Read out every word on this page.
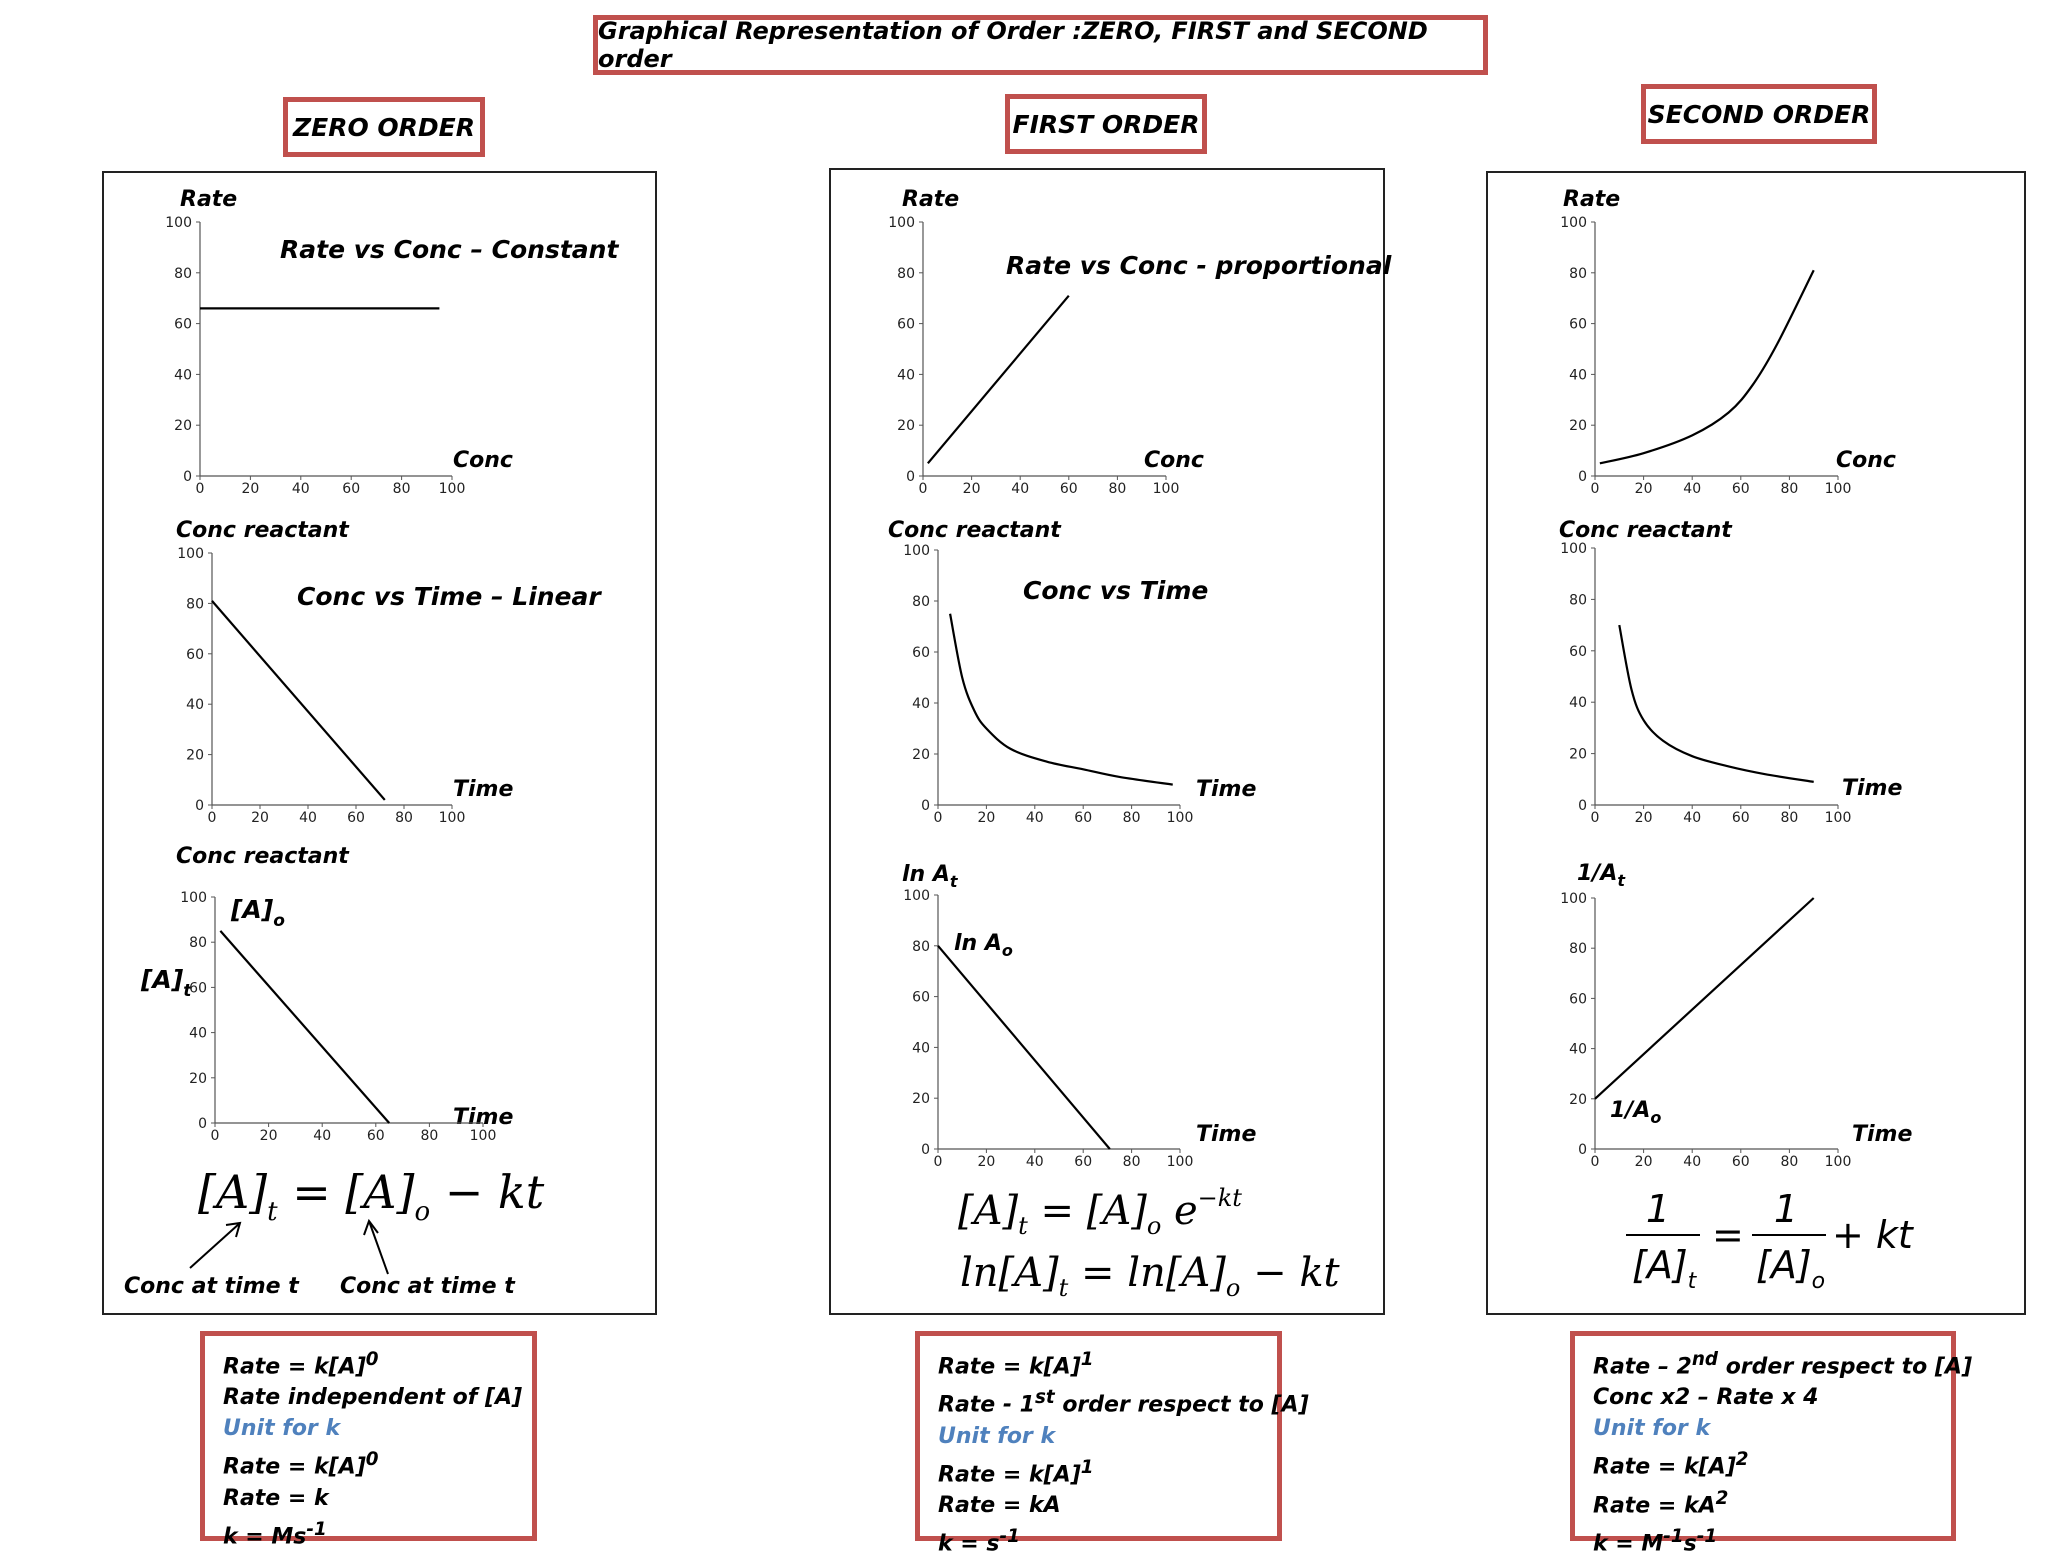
Graphical Representation of Order :ZERO, FIRST and SECOND order
ZERO ORDER	FIRST ORDER	SECOND ORDER
Rate
Rate vs Conc – Constant
Conc
Conc reactant
Conc vs Time – Linear
Time
Conc reactant
Time
$[A]_o$
$[A]_t$
$[A]_t = [A]_o$ − kt
Conc at time t Conc at time t
Rate
Rate vs Conc - proportional
Conc
Conc reactant
Conc vs Time
Time
$\ln A_t$
$\ln A_o$
Time
$[A]_t = [A]_o$ $e^{-kt}$
$\ln[A]_t = \ln[A]_o$ − kt
Rate
Conc
Conc reactant
Time
$1/A_t$
$1/A_o$
Time
1
$[A]_t$
=
1
$[A]_o$
+ kt
0
0
20
20
40
40
60
60
80
80
100
100
0
0
20
20
40
40
60
60
80
80
100
100
0
0
20
20
40
40
60
60
80
80
100
100
0
0
20
20
40
40
60
60
80
80
100
100
0
0
20
20
40
40
60
60
80
80
100
100
0
0
20
20
40
40
60
60
80
80
100
100
0
0
20
20
40
40
60
60
80
80
100
100
0
0
20
20
40
40
60
60
80
80
100
100
0
0
20
20
40
40
60
60
80
80
100
100
Rate = $k[A]^0$
Rate independent of [A]
Unit for k
Rate = $k[A]^0$
Rate = k
$k = Ms^{-1}$
Rate = $k[A]^1$
Rate - 1st order respect to [A]
Unit for k
Rate = $k[A]^1$
Rate = kA
$k = s^{-1}$
Rate – 2nd order respect to [A]
Conc x2 – Rate x 4
Unit for k
Rate = $k[A]^2$
Rate = $kA^2$
$k = M^{-1}s^{-1}$
